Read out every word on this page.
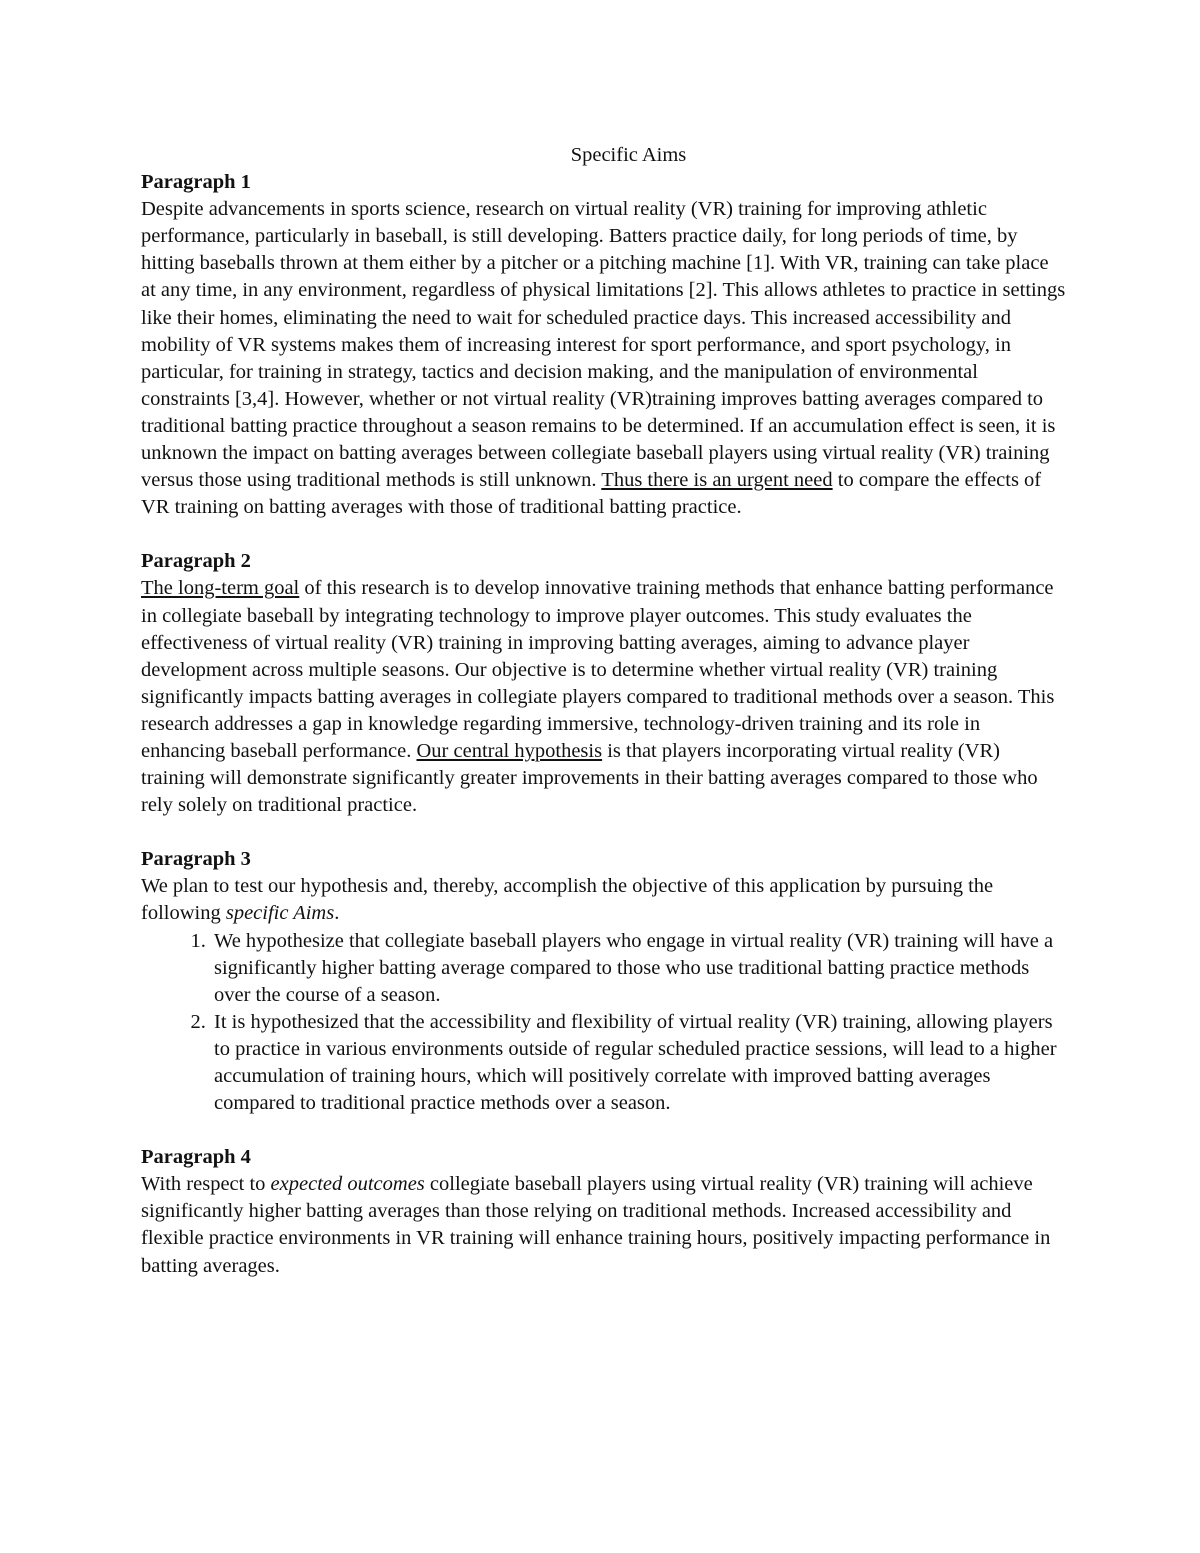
Specific Aims
Paragraph 1

Despite advancements in sports science, research on virtual reality (VR) training for improving athletic performance, particularly in baseball, is still developing. Batters practice daily, for long periods of time, by hitting baseballs thrown at them either by a pitcher or a pitching machine [1]. With VR, training can take place at any time, in any environment, regardless of physical limitations [2]. This allows athletes to practice in settings like their homes, eliminating the need to wait for scheduled practice days. This increased accessibility and mobility of VR systems makes them of increasing interest for sport performance, and sport psychology, in particular, for training in strategy, tactics and decision making, and the manipulation of environmental constraints [3,4]. However, whether or not virtual reality (VR)training improves batting averages compared to traditional batting practice throughout a season remains to be determined. If an accumulation effect is seen, it is unknown the impact on batting averages between collegiate baseball players using virtual reality (VR) training versus those using traditional methods is still unknown. Thus there is an urgent need to compare the effects of VR training on batting averages with those of traditional batting practice.

Paragraph 2

The long-term goal of this research is to develop innovative training methods that enhance batting performance in collegiate baseball by integrating technology to improve player outcomes. This study evaluates the effectiveness of virtual reality (VR) training in improving batting averages, aiming to advance player development across multiple seasons. Our objective is to determine whether virtual reality (VR) training significantly impacts batting averages in collegiate players compared to traditional methods over a season. This research addresses a gap in knowledge regarding immersive, technology-driven training and its role in enhancing baseball performance. Our central hypothesis is that players incorporating virtual reality (VR) training will demonstrate significantly greater improvements in their batting averages compared to those who rely solely on traditional practice.

Paragraph 3

We plan to test our hypothesis and, thereby, accomplish the objective of this application by pursuing the following specific Aims.

1. We hypothesize that collegiate baseball players who engage in virtual reality (VR) training will have a significantly higher batting average compared to those who use traditional batting practice methods over the course of a season.
2. It is hypothesized that the accessibility and flexibility of virtual reality (VR) training, allowing players to practice in various environments outside of regular scheduled practice sessions, will lead to a higher accumulation of training hours, which will positively correlate with improved batting averages compared to traditional practice methods over a season.
Paragraph 4

With respect to expected outcomes collegiate baseball players using virtual reality (VR) training will achieve significantly higher batting averages than those relying on traditional methods. Increased accessibility and flexible practice environments in VR training will enhance training hours, positively impacting performance in batting averages.
